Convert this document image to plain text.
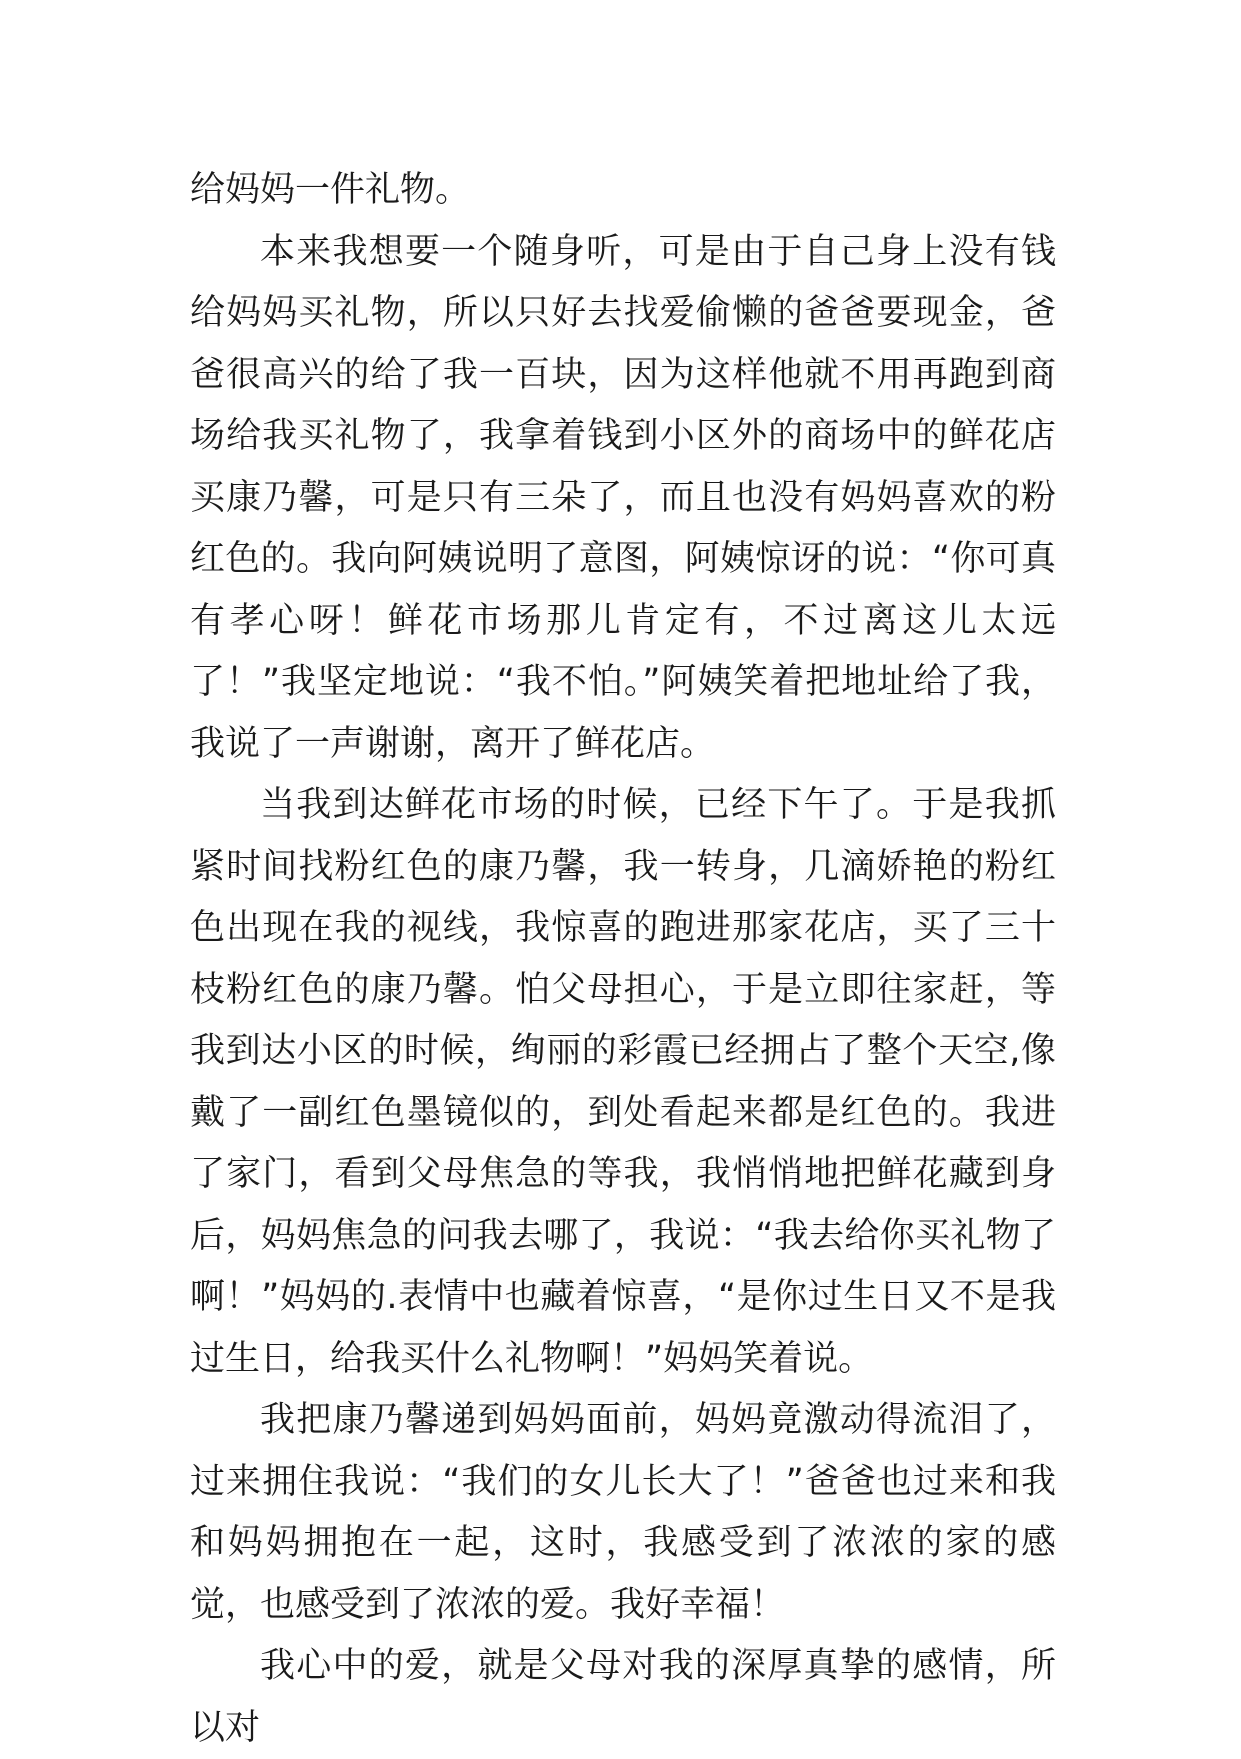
给妈妈一件礼物。

本来我想要一个随身听，可是由于自己身上没有钱给妈妈买礼物，所以只好去找爱偷懒的爸爸要现金，爸爸很高兴的给了我一百块，因为这样他就不用再跑到商场给我买礼物了，我拿着钱到小区外的商场中的鲜花店买康乃馨，可是只有三朵了，而且也没有妈妈喜欢的粉红色的。我向阿姨说明了意图，阿姨惊讶的说：“你可真有孝心呀！鲜花市场那儿肯定有，不过离这儿太远了！”我坚定地说：“我不怕。”阿姨笑着把地址给了我，我说了一声谢谢，离开了鲜花店。

当我到达鲜花市场的时候，已经下午了。于是我抓紧时间找粉红色的康乃馨，我一转身，几滴娇艳的粉红色出现在我的视线，我惊喜的跑进那家花店，买了三十枝粉红色的康乃馨。怕父母担心，于是立即往家赶，等我到达小区的时候，绚丽的彩霞已经拥占了整个天空,像戴了一副红色墨镜似的，到处看起来都是红色的。我进了家门，看到父母焦急的等我，我悄悄地把鲜花藏到身后，妈妈焦急的问我去哪了，我说：“我去给你买礼物了啊！”妈妈的.表情中也藏着惊喜，“是你过生日又不是我过生日，给我买什么礼物啊！”妈妈笑着说。

我把康乃馨递到妈妈面前，妈妈竟激动得流泪了，过来拥住我说：“我们的女儿长大了！”爸爸也过来和我和妈妈拥抱在一起，这时，我感受到了浓浓的家的感觉，也感受到了浓浓的爱。我好幸福！

我心中的爱，就是父母对我的深厚真挚的感情，所以对
